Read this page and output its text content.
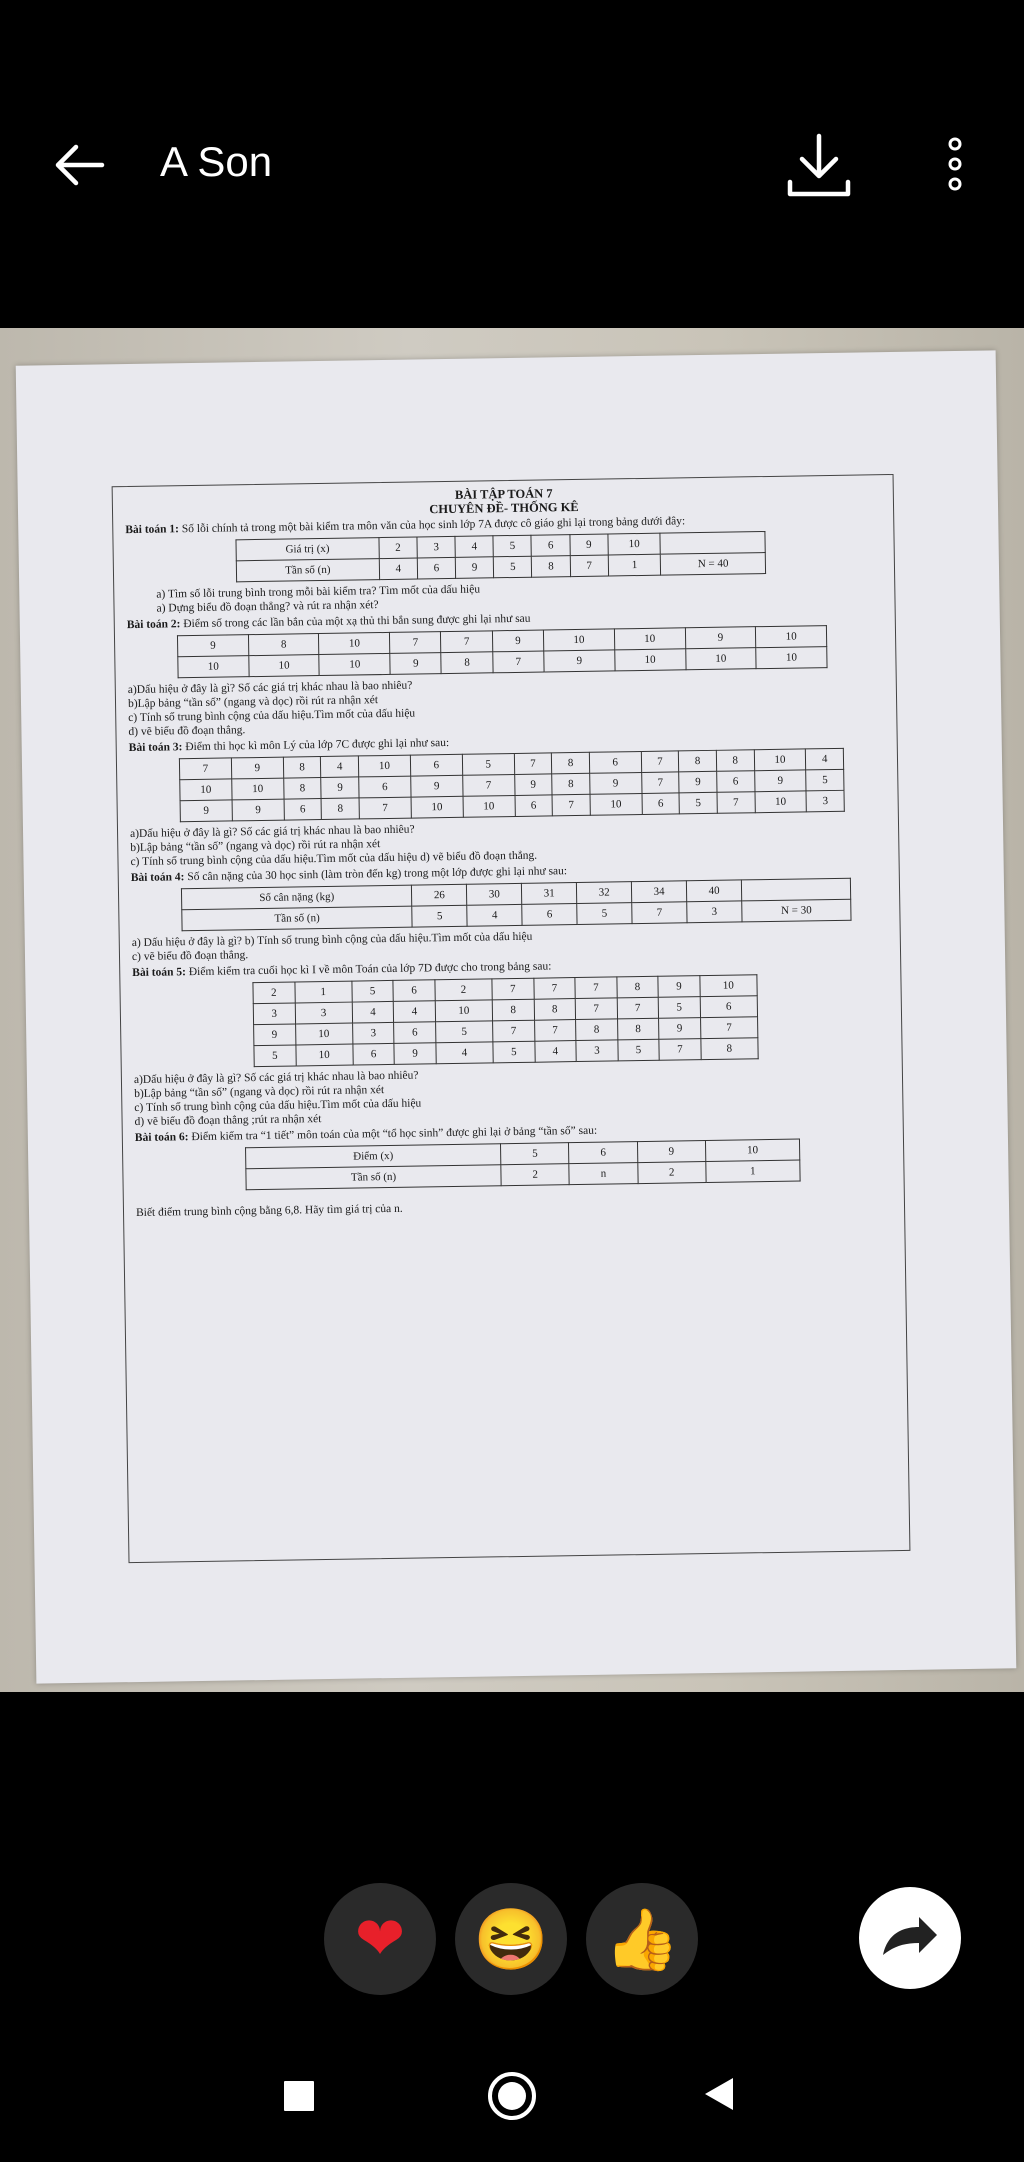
A Son
BÀI TẬP TOÁN 7
CHUYÊN ĐỀ- THỐNG KÊ
Bài toán 1: Số lỗi chính tả trong một bài kiểm tra môn văn của học sinh lớp 7A được cô giáo ghi lại trong bảng dưới đây:
Giá trị (x)	2	3	4	5	6	9	10	
Tần số (n)	4	6	9	5	8	7	1	N = 40
a) Tìm số lỗi trung bình trong mỗi bài kiểm tra? Tìm mốt của dấu hiệu
a) Dựng biểu đồ đoạn thẳng? và rút ra nhận xét?
Bài toán 2: Điểm số trong các lần bắn của một xạ thủ thi bắn sung được ghi lại như sau
9	8	10	7	7	9	10	10	9	10
10	10	10	9	8	7	9	10	10	10
a)Dấu hiệu ở đây là gì? Số các giá trị khác nhau là bao nhiêu?
b)Lập bảng “tần số” (ngang và dọc) rồi rút ra nhận xét
c) Tính số trung bình cộng của dấu hiệu.Tìm mốt của dấu hiệu
d) vẽ biểu đồ đoạn thẳng.
Bài toán 3: Điểm thi học kì môn Lý của lớp 7C được ghi lại như sau:
7	9	8	4	10	6	5	7	8	6	7	8	8	10	4
10	10	8	9	6	9	7	9	8	9	7	9	6	9	5
9	9	6	8	7	10	10	6	7	10	6	5	7	10	3
a)Dấu hiệu ở đây là gì? Số các giá trị khác nhau là bao nhiêu?
b)Lập bảng “tần số” (ngang và dọc) rồi rút ra nhận xét
c) Tính số trung bình cộng của dấu hiệu.Tìm mốt của dấu hiệu d) vẽ biểu đồ đoạn thẳng.
Bài toán 4: Số cân nặng của 30 học sinh (làm tròn đến kg) trong một lớp được ghi lại như sau:
Số cân nặng (kg)	26	30	31	32	34	40	
Tần số (n)	5	4	6	5	7	3	N = 30
a) Dấu hiệu ở đây là gì? b) Tính số trung bình cộng của dấu hiệu.Tìm mốt của dấu hiệu
c) vẽ biểu đồ đoạn thẳng.
Bài toán 5: Điểm kiểm tra cuối học kì I về môn Toán của lớp 7D được cho trong bảng sau:
2	1	5	6	2	7	7	7	8	9	10
3	3	4	4	10	8	8	7	7	5	6
9	10	3	6	5	7	7	8	8	9	7
5	10	6	9	4	5	4	3	5	7	8
a)Dấu hiệu ở đây là gì? Số các giá trị khác nhau là bao nhiêu?
b)Lập bảng “tần số” (ngang và dọc) rồi rút ra nhận xét
c) Tính số trung bình cộng của dấu hiệu.Tìm mốt của dấu hiệu
d) vẽ biểu đồ đoạn thẳng ;rút ra nhận xét
Bài toán 6: Điểm kiểm tra “1 tiết” môn toán của một “tổ học sinh” được ghi lại ở bảng “tần số” sau:
Điểm (x)	5	6	9	10
Tần số (n)	2	n	2	1
Biết điểm trung bình cộng bằng 6,8. Hãy tìm giá trị của n.
❤ 😆 👍
